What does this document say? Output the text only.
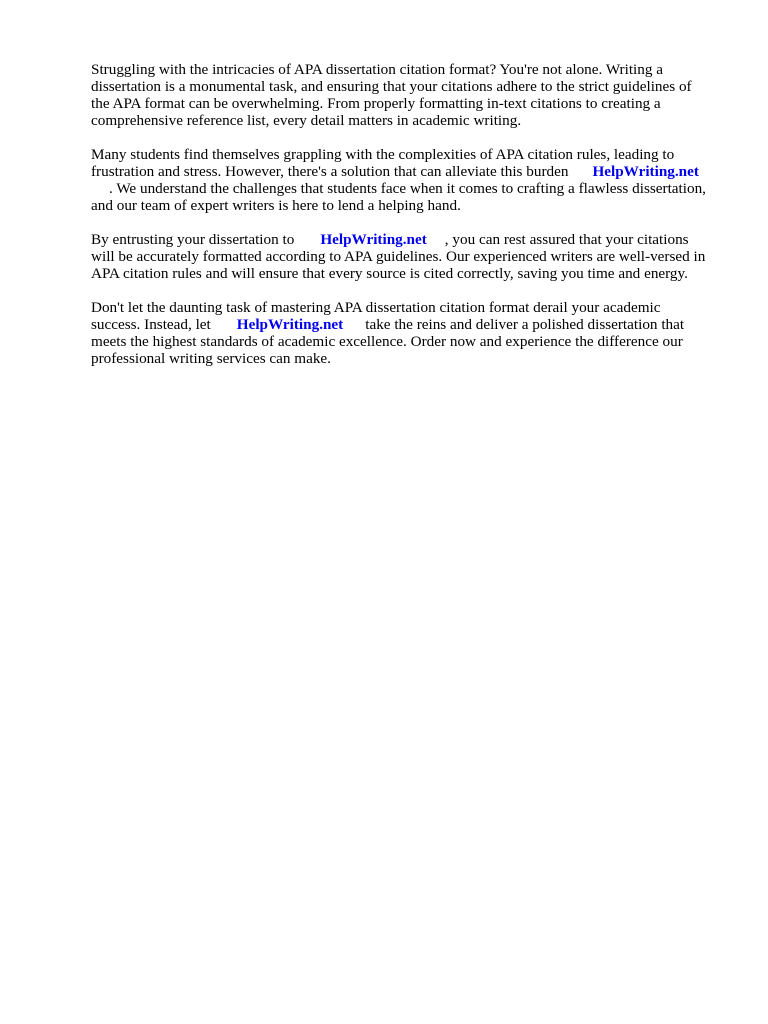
Struggling with the intricacies of APA dissertation citation format? You're not alone. Writing a
dissertation is a monumental task, and ensuring that your citations adhere to the strict guidelines of
the APA format can be overwhelming. From properly formatting in-text citations to creating a
comprehensive reference list, every detail matters in academic writing.

Many students find themselves grappling with the complexities of APA citation rules, leading to
frustration and stress. However, there's a solution that can alleviate this burden HelpWriting.net
. We understand the challenges that students face when it comes to crafting a flawless dissertation,
and our team of expert writers is here to lend a helping hand.

By entrusting your dissertation to HelpWriting.net , you can rest assured that your citations
will be accurately formatted according to APA guidelines. Our experienced writers are well-versed in
APA citation rules and will ensure that every source is cited correctly, saving you time and energy.

Don't let the daunting task of mastering APA dissertation citation format derail your academic
success. Instead, let HelpWriting.net take the reins and deliver a polished dissertation that
meets the highest standards of academic excellence. Order now and experience the difference our
professional writing services can make.
